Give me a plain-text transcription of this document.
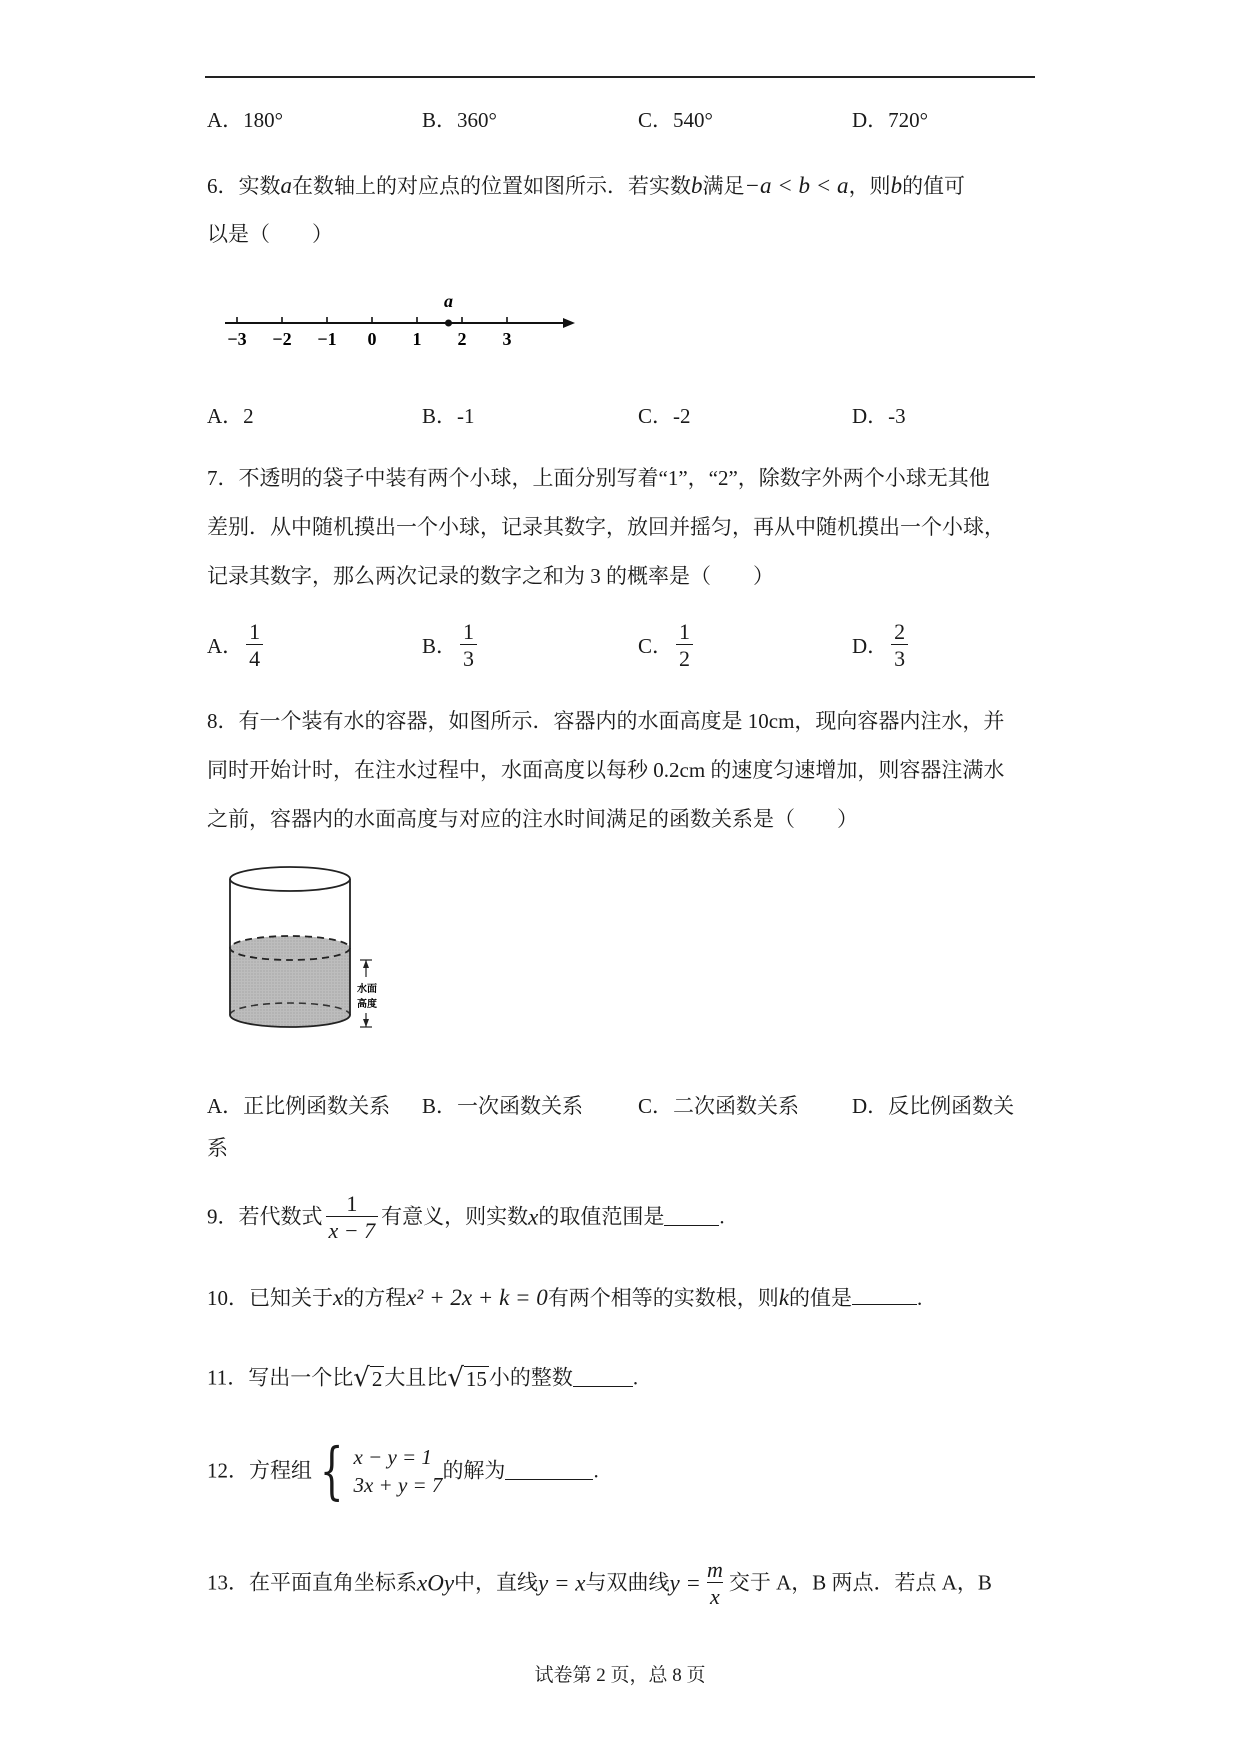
A．180°	B．360°	C．540°	D．720°
6．实数a在数轴上的对应点的位置如图所示．若实数b满足−a < b < a，则b的值可
以是（　　）
−3 −2 −1 0 1 2 3
a
A．2	B．-1	C．-2	D．-3
7．不透明的袋子中装有两个小球，上面分别写着“1”，“2”，除数字外两个小球无其他
差别．从中随机摸出一个小球，记录其数字，放回并摇匀，再从中随机摸出一个小球，
记录其数字，那么两次记录的数字之和为 3 的概率是（　　）
A． $\frac{1}{4}$	B． $\frac{1}{3}$	C． $\frac{1}{2}$	D． $\frac{2}{3}$
8．有一个装有水的容器，如图所示．容器内的水面高度是 10cm，现向容器内注水，并
同时开始计时，在注水过程中，水面高度以每秒 0.2cm 的速度匀速增加，则容器注满水
之前，容器内的水面高度与对应的注水时间满足的函数关系是（　　）
水面
高度
A．正比例函数关系 B．一次函数关系	C．二次函数关系	D．反比例函数关
系
9．若代数式 $\frac{1}{x - 7}$ 有意义，则实数x的取值范围是	.
10．已知关于x的方程x² + 2x + k = 0有两个相等的实数根，则k的值是	.
11．写出一个比 √ 2 大且比 √ 15 小的整数	.
12．方程组 { x − y = 1
3x + y = 7
的解为	.
13．在平面直角坐标系xOy中，直线y = x与双曲线$y = \frac{m}{x}$ 交于 A，B 两点．若点 A，B
试卷第 2 页，总 8 页
